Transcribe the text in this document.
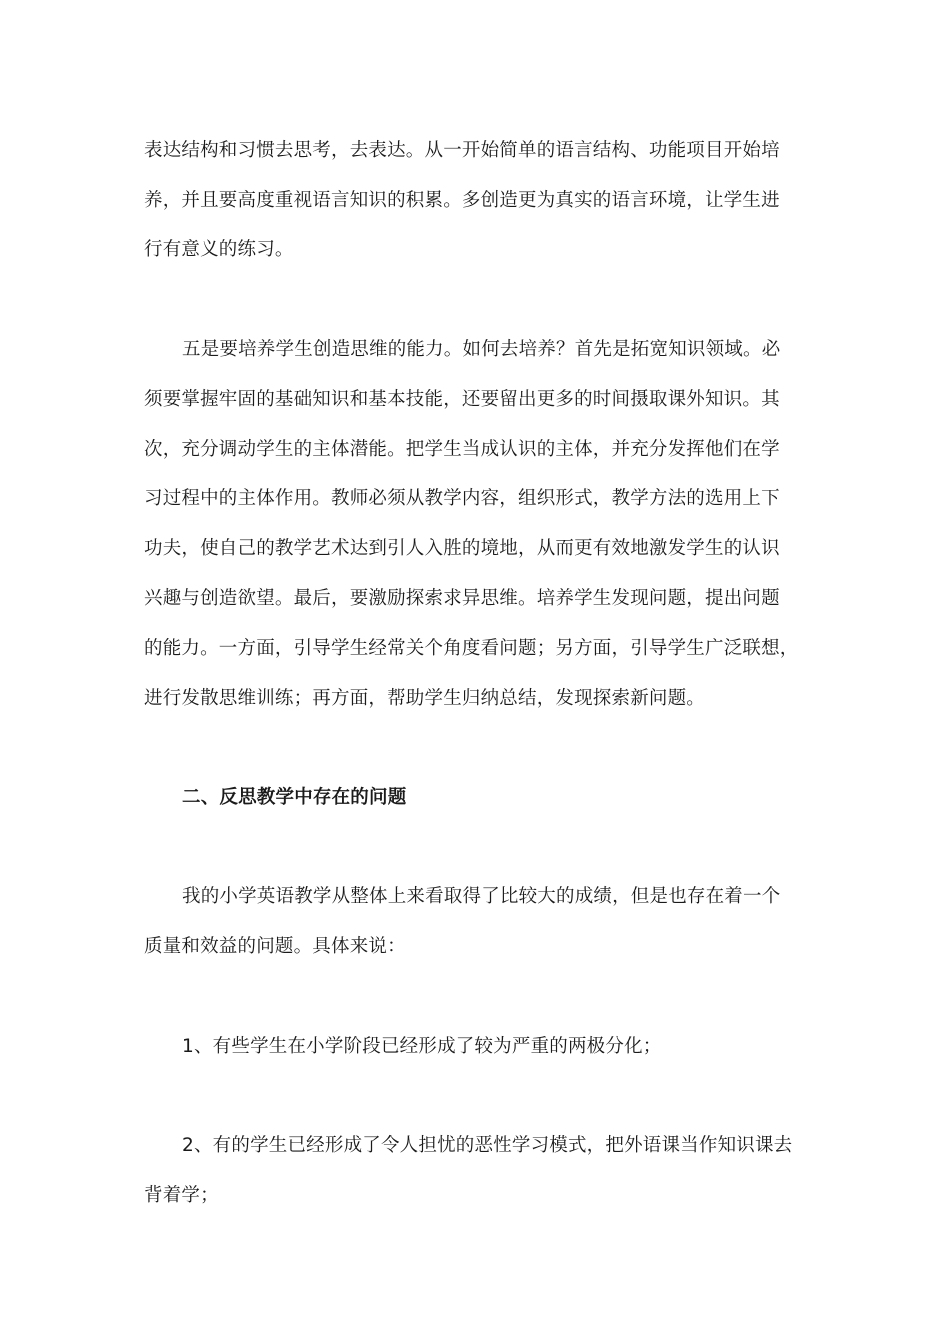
表达结构和习惯去思考，去表达。从一开始简单的语言结构、功能项目开始培
养，并且要高度重视语言知识的积累。多创造更为真实的语言环境，让学生进
行有意义的练习。
五是要培养学生创造思维的能力。如何去培养？首先是拓宽知识领域。必
须要掌握牢固的基础知识和基本技能，还要留出更多的时间摄取课外知识。其
次，充分调动学生的主体潜能。把学生当成认识的主体，并充分发挥他们在学
习过程中的主体作用。教师必须从教学内容，组织形式，教学方法的选用上下
功夫，使自己的教学艺术达到引人入胜的境地，从而更有效地激发学生的认识
兴趣与创造欲望。最后，要激励探索求异思维。培养学生发现问题，提出问题
的能力。一方面，引导学生经常关个角度看问题；另方面，引导学生广泛联想，
进行发散思维训练；再方面，帮助学生归纳总结，发现探索新问题。
二、反思教学中存在的问题
我的小学英语教学从整体上来看取得了比较大的成绩，但是也存在着一个
质量和效益的问题。具体来说：
1、有些学生在小学阶段已经形成了较为严重的两极分化；
2、有的学生已经形成了令人担忧的恶性学习模式，把外语课当作知识课去
背着学；
